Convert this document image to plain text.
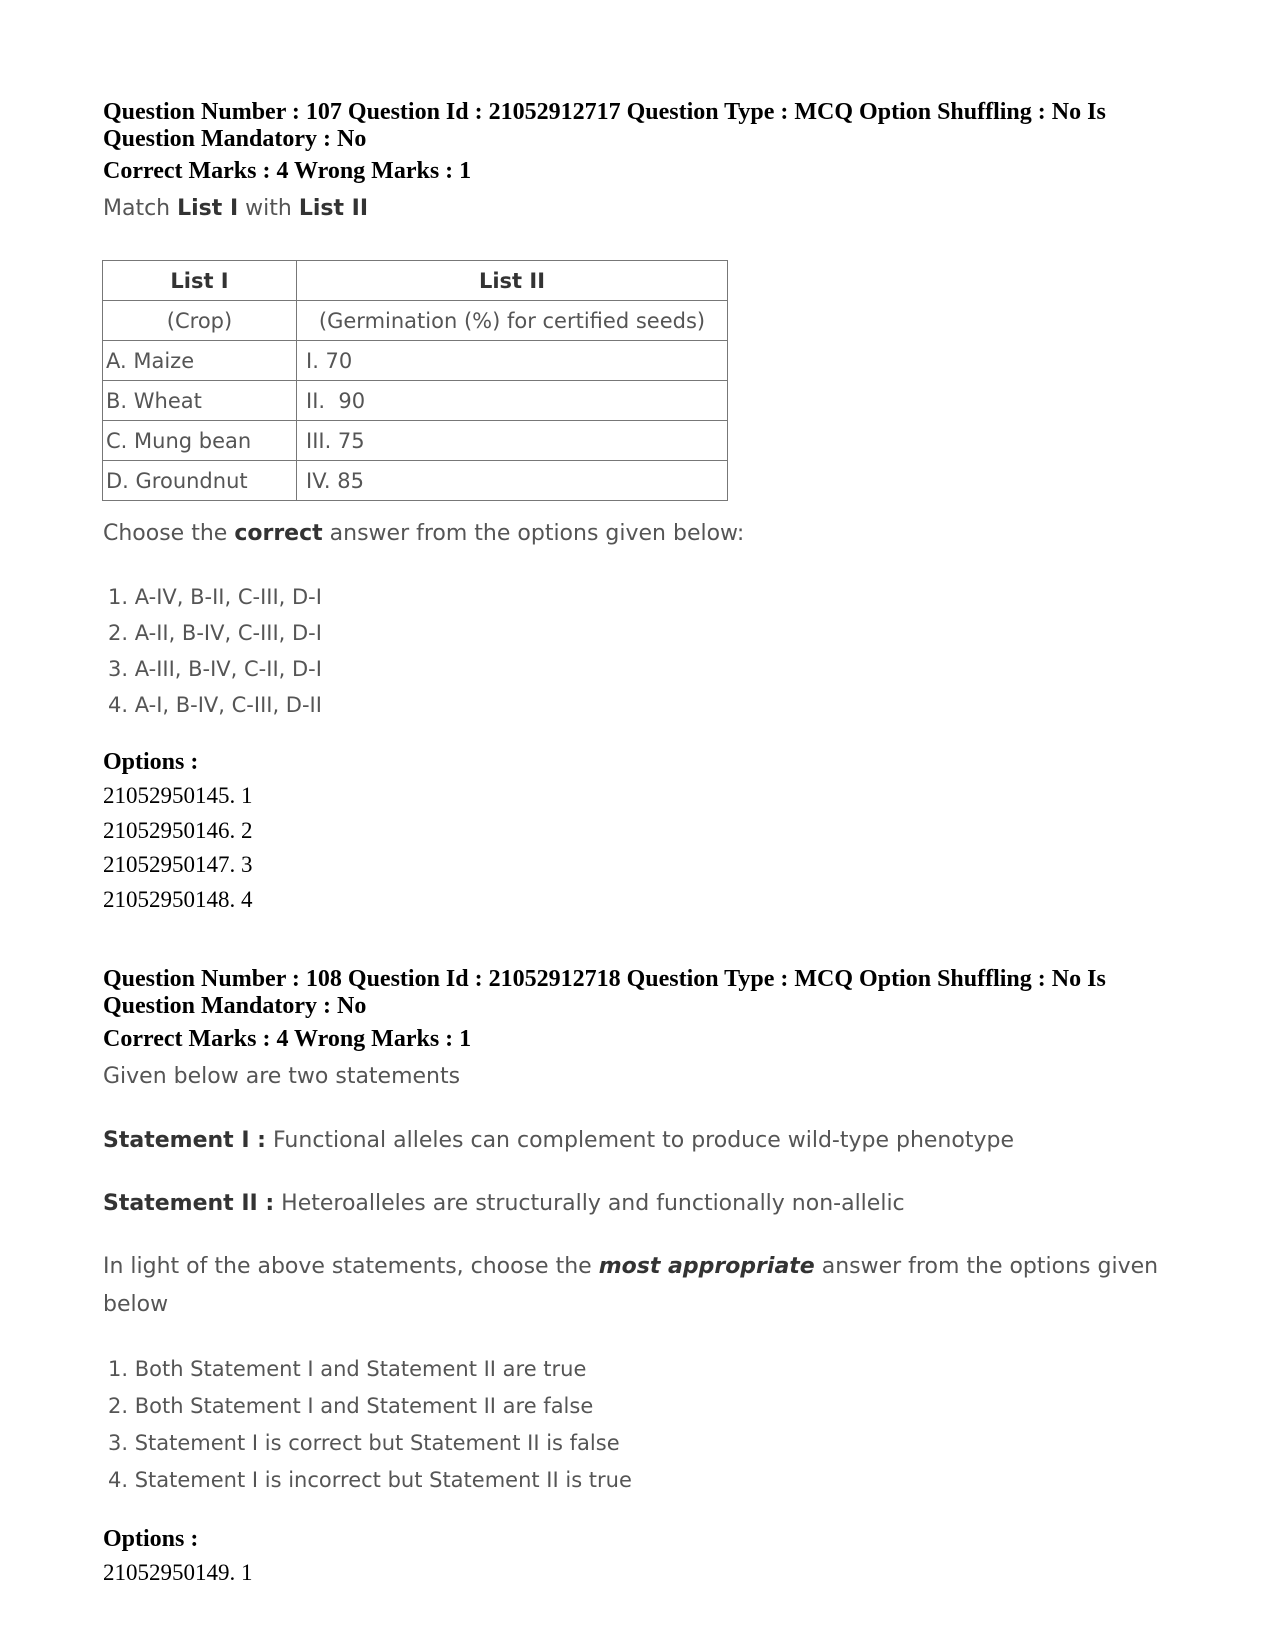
Question Number : 107 Question Id : 21052912717 Question Type : MCQ Option Shuffling : No Is

Question Mandatory : No

Correct Marks : 4 Wrong Marks : 1

Match List I with List II

List I	List II
(Crop)	(Germination (%) for certified seeds)
A. Maize	I. 70
B. Wheat	II.  90
C. Mung bean	III. 75
D. Groundnut	IV. 85

Choose the correct answer from the options given below:

1. A-IV, B-II, C-III, D-I
2. A-II, B-IV, C-III, D-I
3. A-III, B-IV, C-II, D-I
4. A-I, B-IV, C-III, D-II
Options :
21052950145. 1
21052950146. 2
21052950147. 3
21052950148. 4

Question Number : 108 Question Id : 21052912718 Question Type : MCQ Option Shuffling : No Is

Question Mandatory : No

Correct Marks : 4 Wrong Marks : 1

Given below are two statements

Statement I : Functional alleles can complement to produce wild-type phenotype

Statement II : Heteroalleles are structurally and functionally non-allelic

In light of the above statements, choose the most appropriate answer from the options given

below

1. Both Statement I and Statement II are true
2. Both Statement I and Statement II are false
3. Statement I is correct but Statement II is false
4. Statement I is incorrect but Statement II is true
Options :
21052950149. 1
